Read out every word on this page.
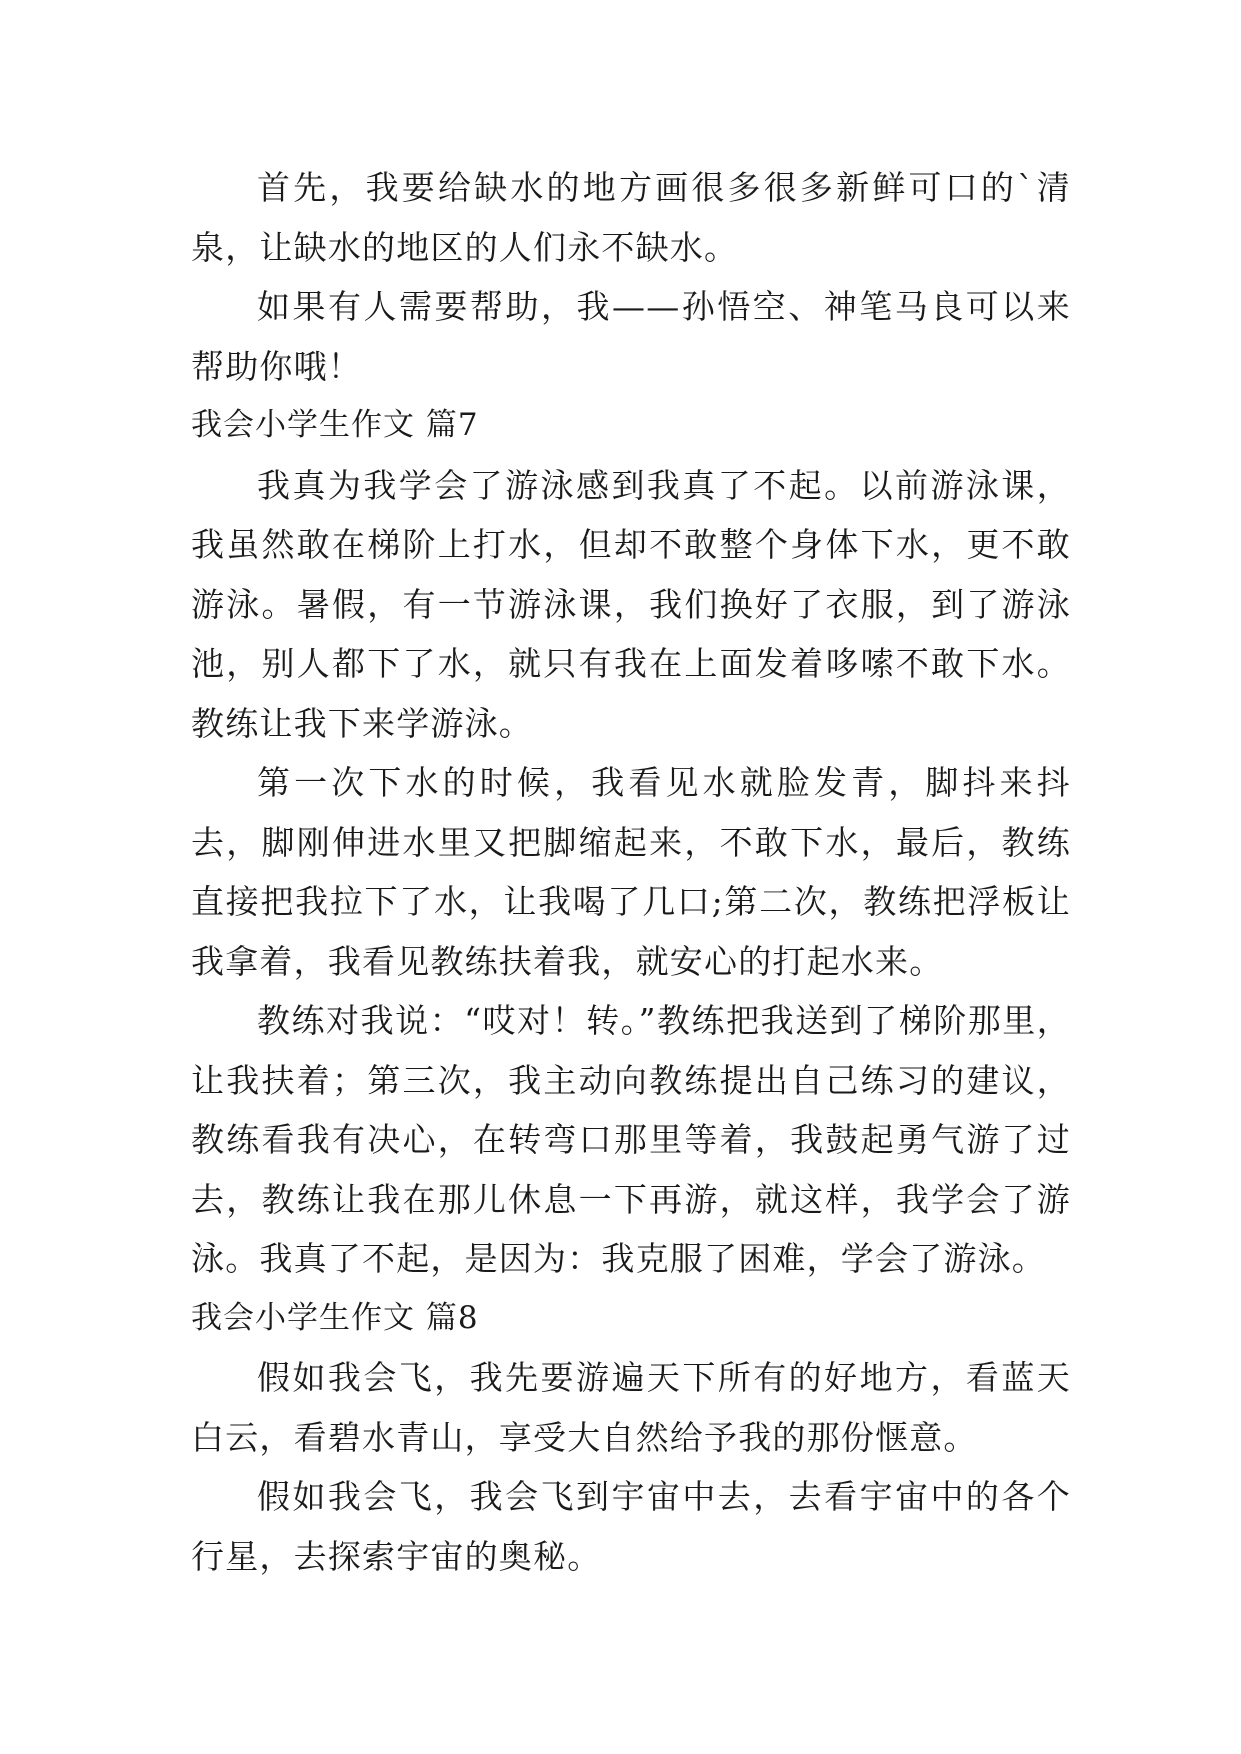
首先，我要给缺水的地方画很多很多新鲜可口的`清泉，让缺水的地区的人们永不缺水。

如果有人需要帮助，我——孙悟空、神笔马良可以来帮助你哦！

我会小学生作文 篇7

我真为我学会了游泳感到我真了不起。以前游泳课，我虽然敢在梯阶上打水，但却不敢整个身体下水，更不敢游泳。暑假，有一节游泳课，我们换好了衣服，到了游泳池，别人都下了水，就只有我在上面发着哆嗦不敢下水。教练让我下来学游泳。

第一次下水的时候，我看见水就脸发青，脚抖来抖去，脚刚伸进水里又把脚缩起来，不敢下水，最后，教练直接把我拉下了水，让我喝了几口;第二次，教练把浮板让我拿着，我看见教练扶着我，就安心的打起水来。

教练对我说：“哎对！转。”教练把我送到了梯阶那里，让我扶着；第三次，我主动向教练提出自己练习的建议，教练看我有决心，在转弯口那里等着，我鼓起勇气游了过去，教练让我在那儿休息一下再游，就这样，我学会了游泳。我真了不起，是因为：我克服了困难，学会了游泳。

我会小学生作文 篇8

假如我会飞，我先要游遍天下所有的好地方，看蓝天白云，看碧水青山，享受大自然给予我的那份惬意。

假如我会飞，我会飞到宇宙中去，去看宇宙中的各个行星，去探索宇宙的奥秘。
